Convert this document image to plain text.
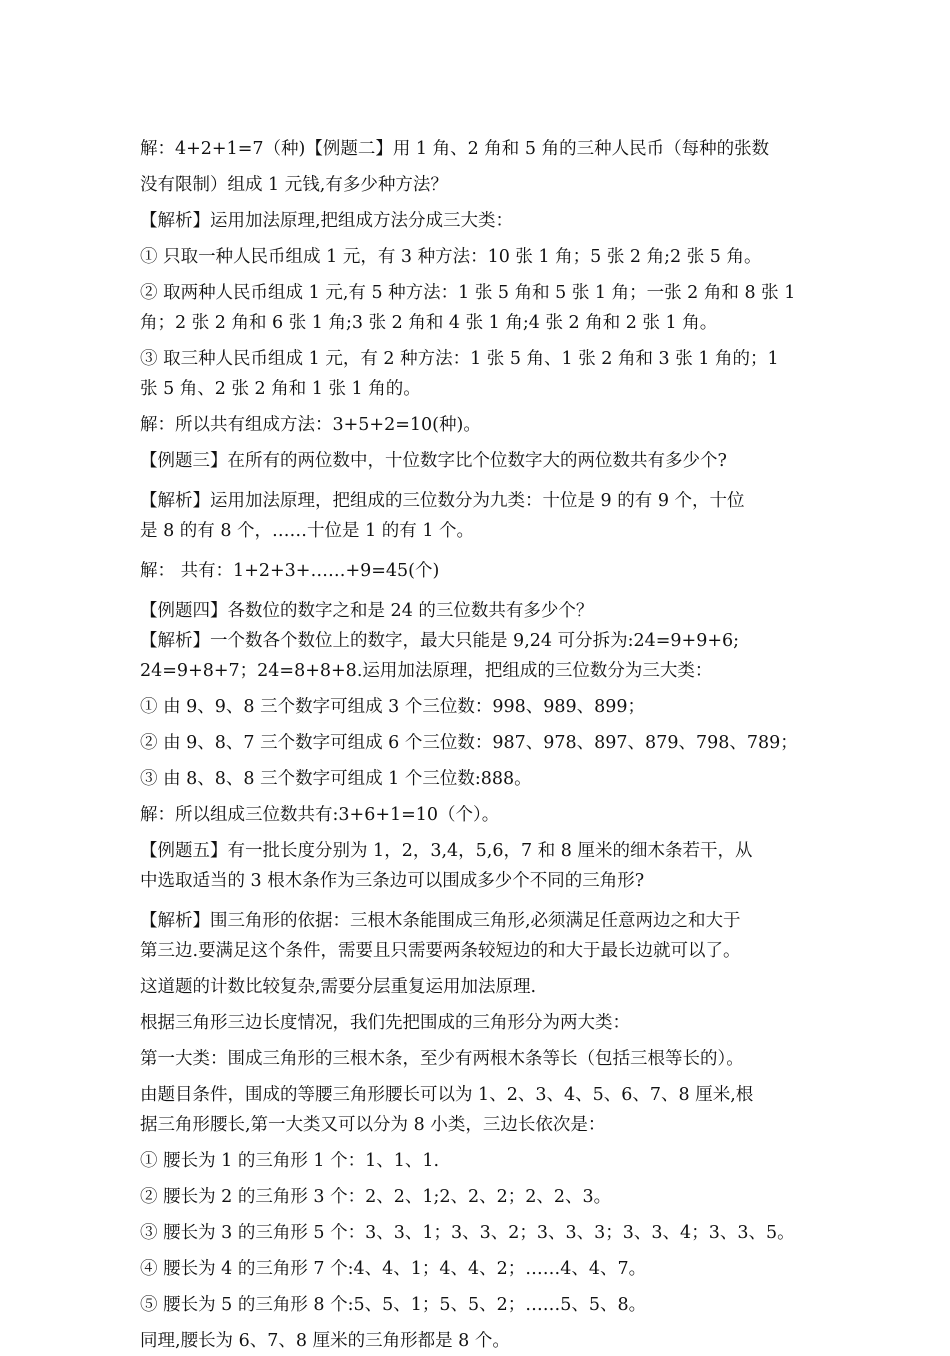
解：4+2+1=7（种)【例题二】用 1 角、2 角和 5 角的三种人民币（每种的张数

没有限制）组成 1 元钱,有多少种方法？

【解析】运用加法原理,把组成方法分成三大类：

① 只取一种人民币组成 1 元，有 3 种方法：10 张 1 角；5 张 2 角;2 张 5 角。

② 取两种人民币组成 1 元,有 5 种方法：1 张 5 角和 5 张 1 角；一张 2 角和 8 张 1

角；2 张 2 角和 6 张 1 角;3 张 2 角和 4 张 1 角;4 张 2 角和 2 张 1 角。

③ 取三种人民币组成 1 元，有 2 种方法：1 张 5 角、1 张 2 角和 3 张 1 角的；1

张 5 角、2 张 2 角和 1 张 1 角的。

解：所以共有组成方法：3+5+2=10(种)。

【例题三】在所有的两位数中，十位数字比个位数字大的两位数共有多少个?

【解析】运用加法原理，把组成的三位数分为九类：十位是 9 的有 9 个，十位

是 8 的有 8 个，……十位是 1 的有 1 个。

解： 共有：1+2+3+……+9=45(个)

【例题四】各数位的数字之和是 24 的三位数共有多少个？

【解析】一个数各个数位上的数字，最大只能是 9,24 可分拆为:24=9+9+6;

24=9+8+7；24=8+8+8.运用加法原理，把组成的三位数分为三大类：

① 由 9、9、8 三个数字可组成 3 个三位数：998、989、899；

② 由 9、8、7 三个数字可组成 6 个三位数：987、978、897、879、798、789；

③ 由 8、8、8 三个数字可组成 1 个三位数:888。

解：所以组成三位数共有:3+6+1=10（个）。

【例题五】有一批长度分别为 1，2，3,4，5,6，7 和 8 厘米的细木条若干，从

中选取适当的 3 根木条作为三条边可以围成多少个不同的三角形?

【解析】围三角形的依据：三根木条能围成三角形,必须满足任意两边之和大于

第三边.要满足这个条件，需要且只需要两条较短边的和大于最长边就可以了。

这道题的计数比较复杂,需要分层重复运用加法原理.

根据三角形三边长度情况，我们先把围成的三角形分为两大类：

第一大类：围成三角形的三根木条，至少有两根木条等长（包括三根等长的）。

由题目条件，围成的等腰三角形腰长可以为 1、2、3、4、5、6、7、8 厘米,根

据三角形腰长,第一大类又可以分为 8 小类，三边长依次是：

① 腰长为 1 的三角形 1 个：1、1、1.

② 腰长为 2 的三角形 3 个：2、2、1;2、2、2；2、2、3。

③ 腰长为 3 的三角形 5 个：3、3、1；3、3、2；3、3、3；3、3、4；3、3、5。

④ 腰长为 4 的三角形 7 个:4、4、1；4、4、2；……4、4、7。

⑤ 腰长为 5 的三角形 8 个:5、5、1；5、5、2；……5、5、8。

同理,腰长为 6、7、8 厘米的三角形都是 8 个。
